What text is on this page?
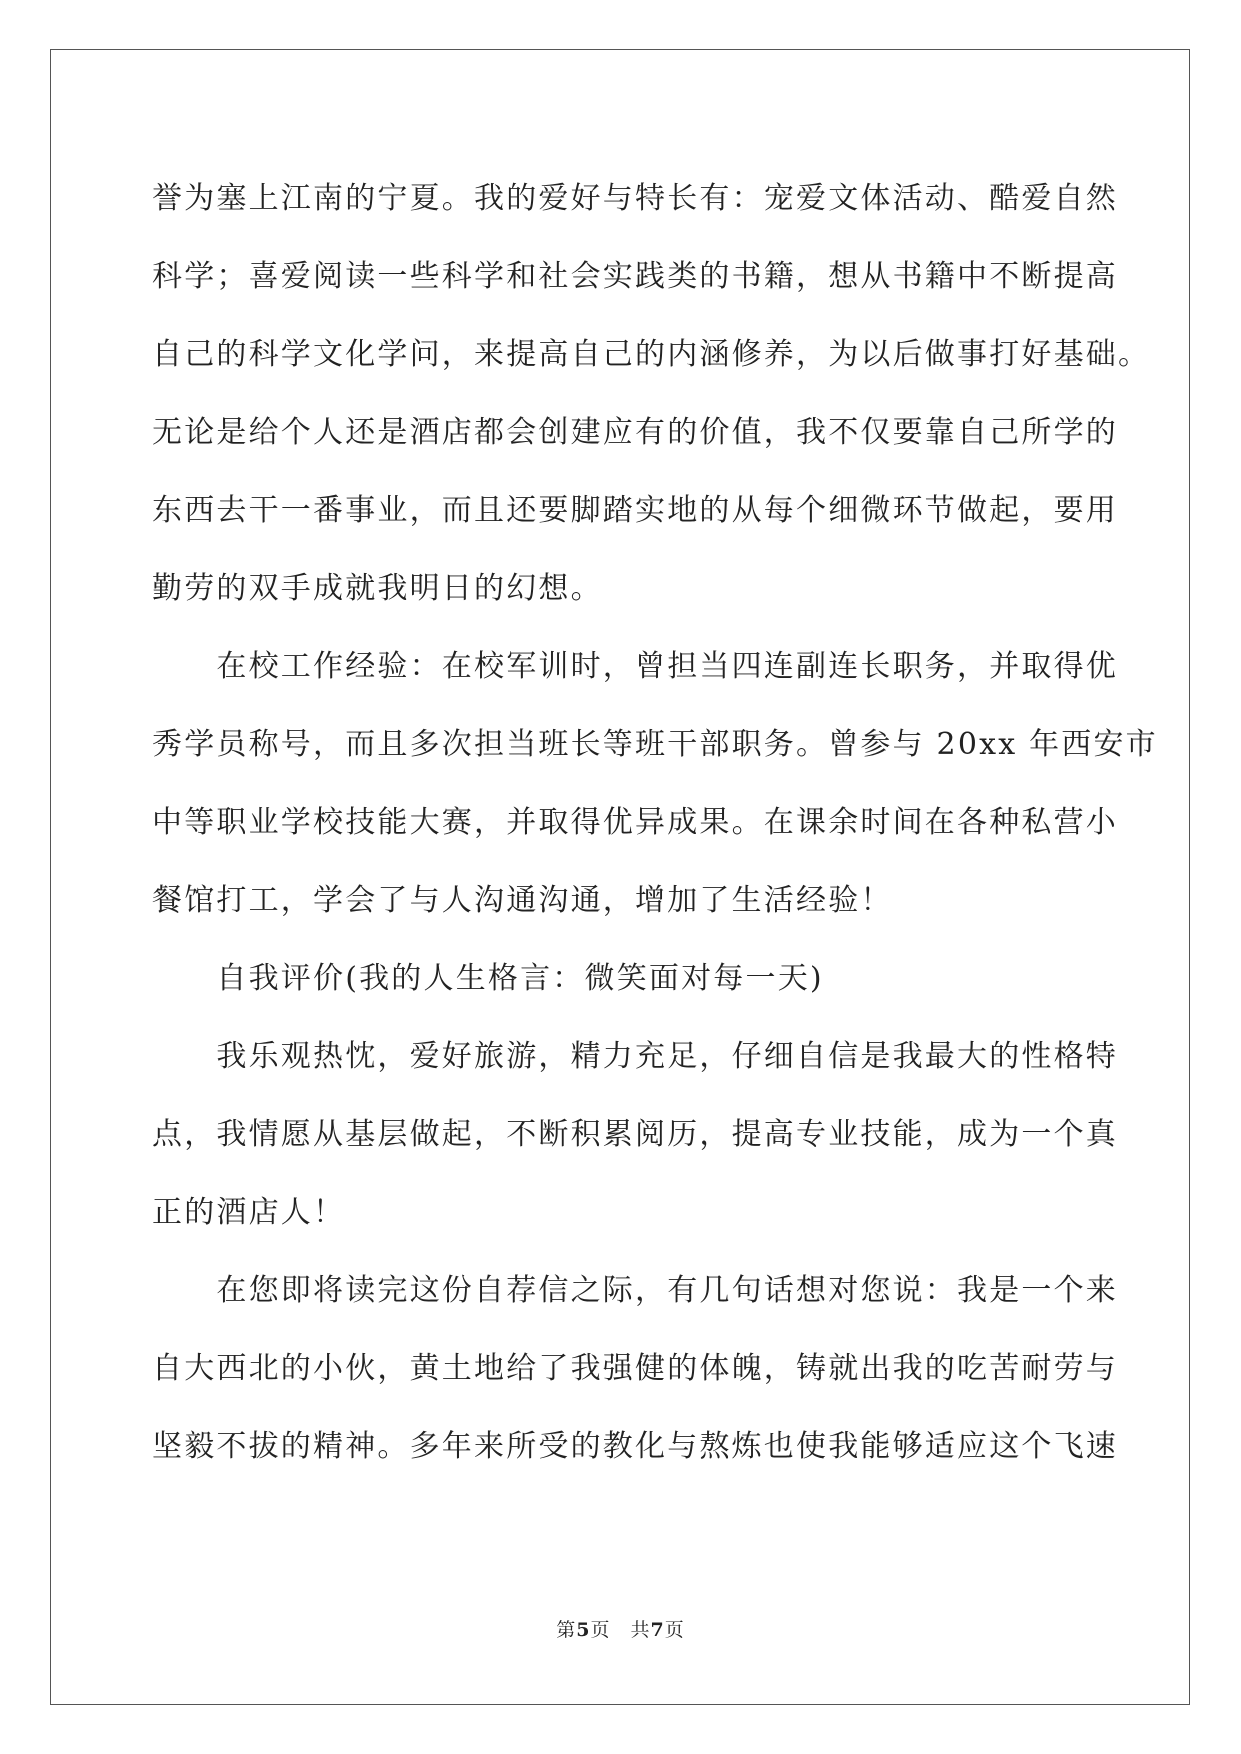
誉为塞上江南的宁夏。我的爱好与特长有：宠爱文体活动、酷爱自然

科学；喜爱阅读一些科学和社会实践类的书籍，想从书籍中不断提高

自己的科学文化学问，来提高自己的内涵修养，为以后做事打好基础。

无论是给个人还是酒店都会创建应有的价值，我不仅要靠自己所学的

东西去干一番事业，而且还要脚踏实地的从每个细微环节做起，要用

勤劳的双手成就我明日的幻想。

　　在校工作经验：在校军训时，曾担当四连副连长职务，并取得优

秀学员称号，而且多次担当班长等班干部职务。曾参与 20xx 年西安市

中等职业学校技能大赛，并取得优异成果。在课余时间在各种私营小

餐馆打工，学会了与人沟通沟通，增加了生活经验！

　　自我评价(我的人生格言：微笑面对每一天)

　　我乐观热忱，爱好旅游，精力充足，仔细自信是我最大的性格特

点，我情愿从基层做起，不断积累阅历，提高专业技能，成为一个真

正的酒店人！

　　在您即将读完这份自荐信之际，有几句话想对您说：我是一个来

自大西北的小伙，黄土地给了我强健的体魄，铸就出我的吃苦耐劳与

坚毅不拔的精神。多年来所受的教化与熬炼也使我能够适应这个飞速

第5页　共7页
